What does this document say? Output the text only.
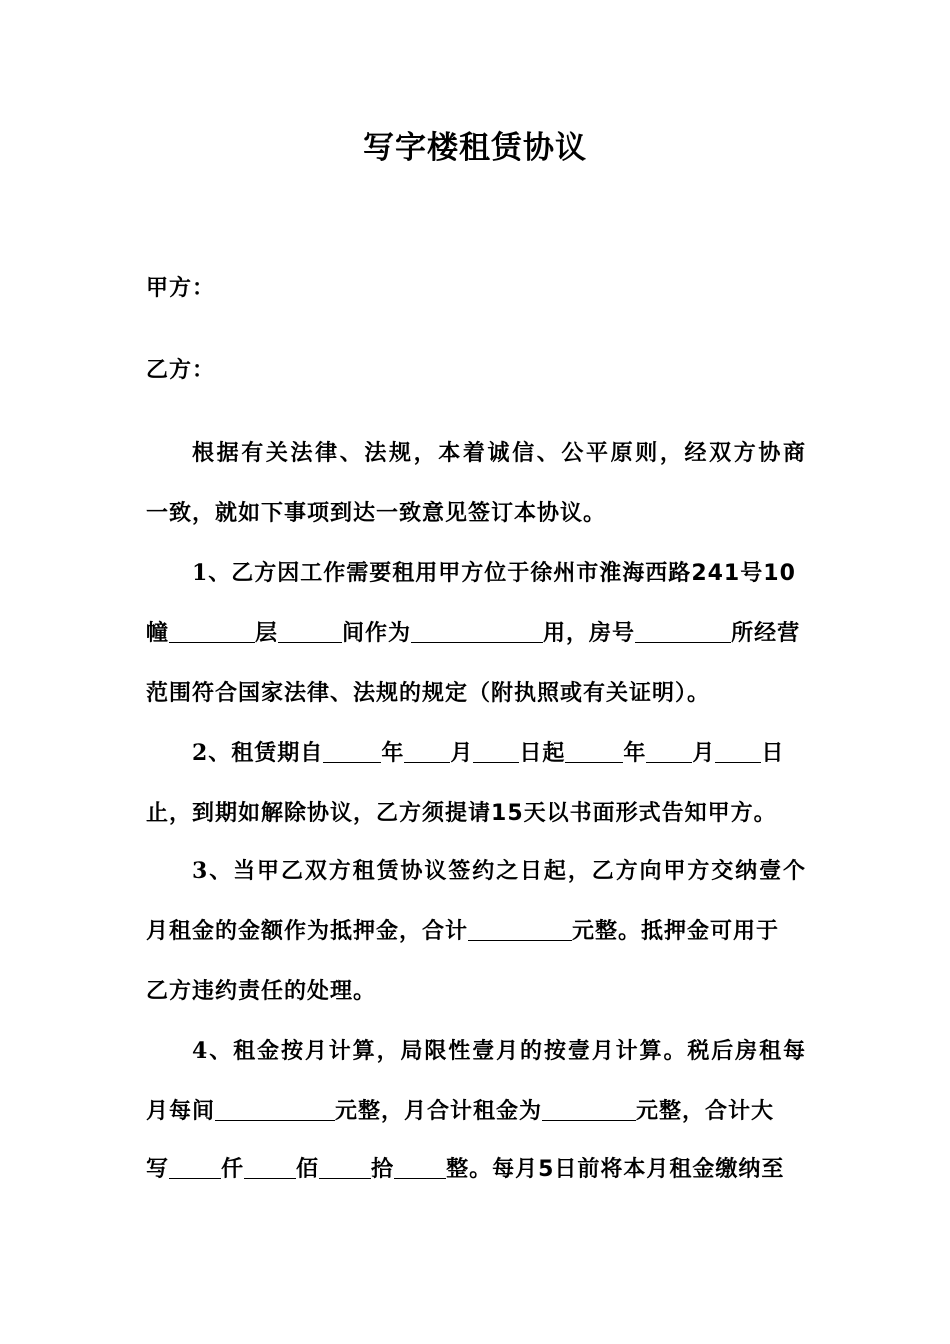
写字楼租赁协议
甲方：
乙方：
根据有关法律、法规，本着诚信、公平原则，经双方协商
一致，就如下事项到达一致意见签订本协议。
1、乙方因工作需要租用甲方位于徐州市淮海西路241号10
幢	层	间作为	用，房号	所经营
范围符合国家法律、法规的规定（附执照或有关证明）。
2、租赁期自	年 月 日起	年 月 日
止，到期如解除协议，乙方须提请15天以书面形式告知甲方。
3、当甲乙双方租赁协议签约之日起，乙方向甲方交纳壹个
月租金的金额作为抵押金，合计	元整。抵押金可用于
乙方违约责任的处理。
4、租金按月计算，局限性壹月的按壹月计算。税后房租每
月每间	元整，月合计租金为	元整，合计大
写 仟 佰 拾 整。每月5日前将本月租金缴纳至
